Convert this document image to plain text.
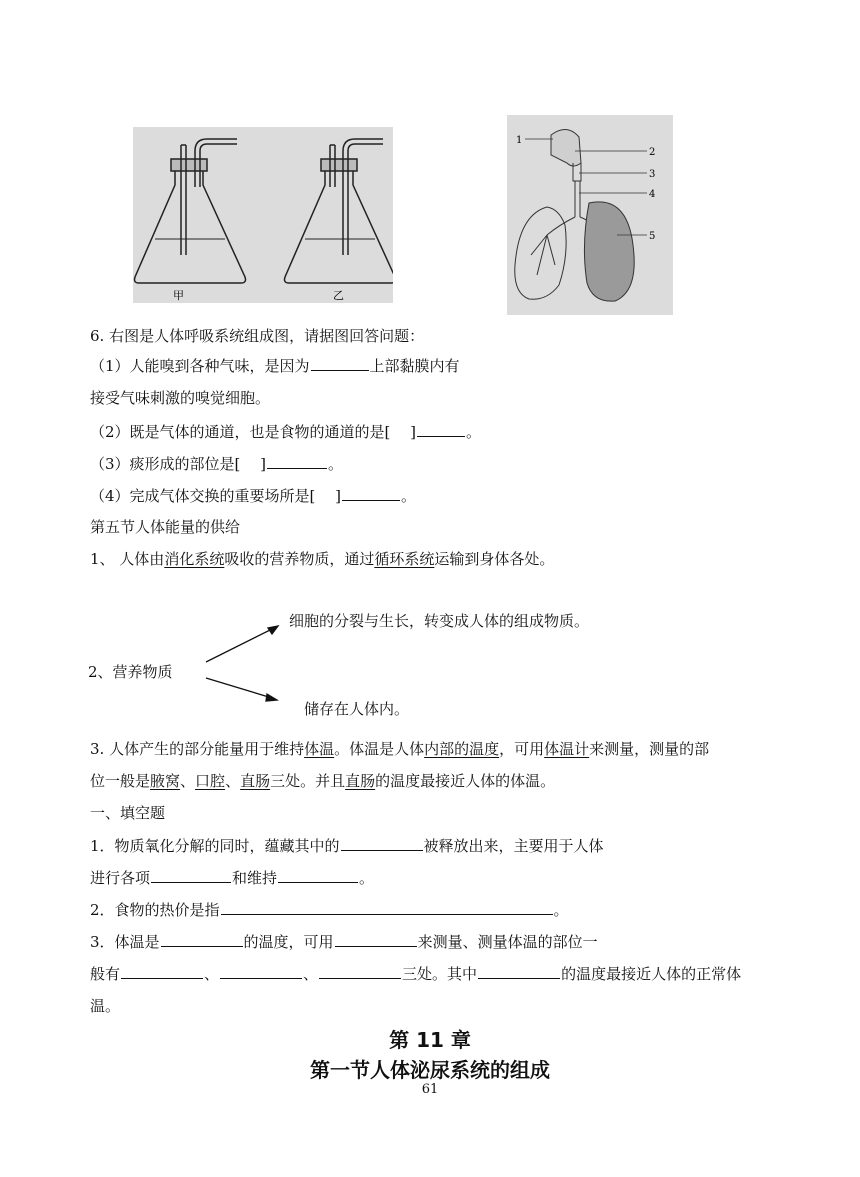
甲	乙
1
2
3
4
5
6. 右图是人体呼吸系统组成图，请据图回答问题：
（1）人能嗅到各种气味，是因为	上部黏膜内有
接受气味刺激的嗅觉细胞。
（2）既是气体的通道，也是食物的通道的是[　 ]	。
（3）痰形成的部位是[　 ]	。
（4）完成气体交换的重要场所是[　 ]	。
第五节人体能量的供给
1、 人体由消化系统吸收的营养物质，通过循环系统运输到身体各处。
细胞的分裂与生长，转变成人体的组成物质。
2、营养物质
储存在人体内。
3. 人体产生的部分能量用于维持体温。体温是人体内部的温度，可用体温计来测量，测量的部
位一般是腋窝、口腔、直肠三处。并且直肠的温度最接近人体的体温。
一、填空题
1．物质氧化分解的同时，蕴藏其中的	被释放出来，主要用于人体
进行各项	和维持	。
2．食物的热价是指	。
3．体温是	的温度，可用	来测量、测量体温的部位一
般有	、	、	三处。其中	的温度最接近人体的正常体
温。
第 11 章
第一节人体泌尿系统的组成
61
